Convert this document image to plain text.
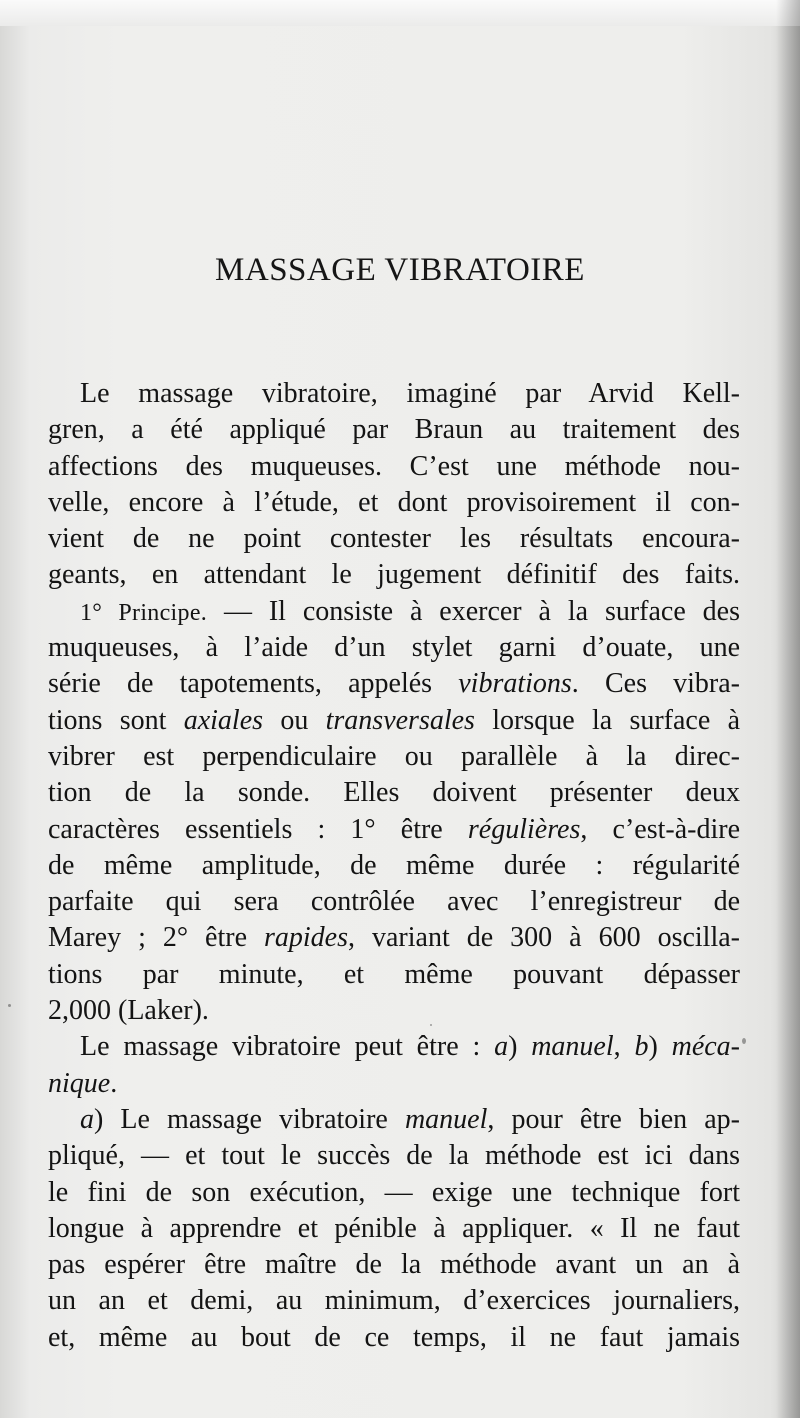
MASSAGE VIBRATOIRE
Le massage vibratoire, imaginé par Arvid Kell-
gren, a été appliqué par Braun au traitement des
affections des muqueuses. C’est une méthode nou-
velle, encore à l’étude, et dont provisoirement il con-
vient de ne point contester les résultats encoura-
geants, en attendant le jugement définitif des faits.
1° Principe. — Il consiste à exercer à la surface des
muqueuses, à l’aide d’un stylet garni d’ouate, une
série de tapotements, appelés vibrations. Ces vibra-
tions sont axiales ou transversales lorsque la surface à
vibrer est perpendiculaire ou parallèle à la direc-
tion de la sonde. Elles doivent présenter deux
caractères essentiels : 1° être régulières, c’est-à-dire
de même amplitude, de même durée : régularité
parfaite qui sera contrôlée avec l’enregistreur de
Marey ; 2° être rapides, variant de 300 à 600 oscilla-
tions par minute, et même pouvant dépasser
2,000 (Laker).
Le massage vibratoire peut être : a) manuel, b) méca-
nique.
a) Le massage vibratoire manuel, pour être bien ap-
pliqué, — et tout le succès de la méthode est ici dans
le fini de son exécution, — exige une technique fort
longue à apprendre et pénible à appliquer. « Il ne faut
pas espérer être maître de la méthode avant un an à
un an et demi, au minimum, d’exercices journaliers,
et, même au bout de ce temps, il ne faut jamais
